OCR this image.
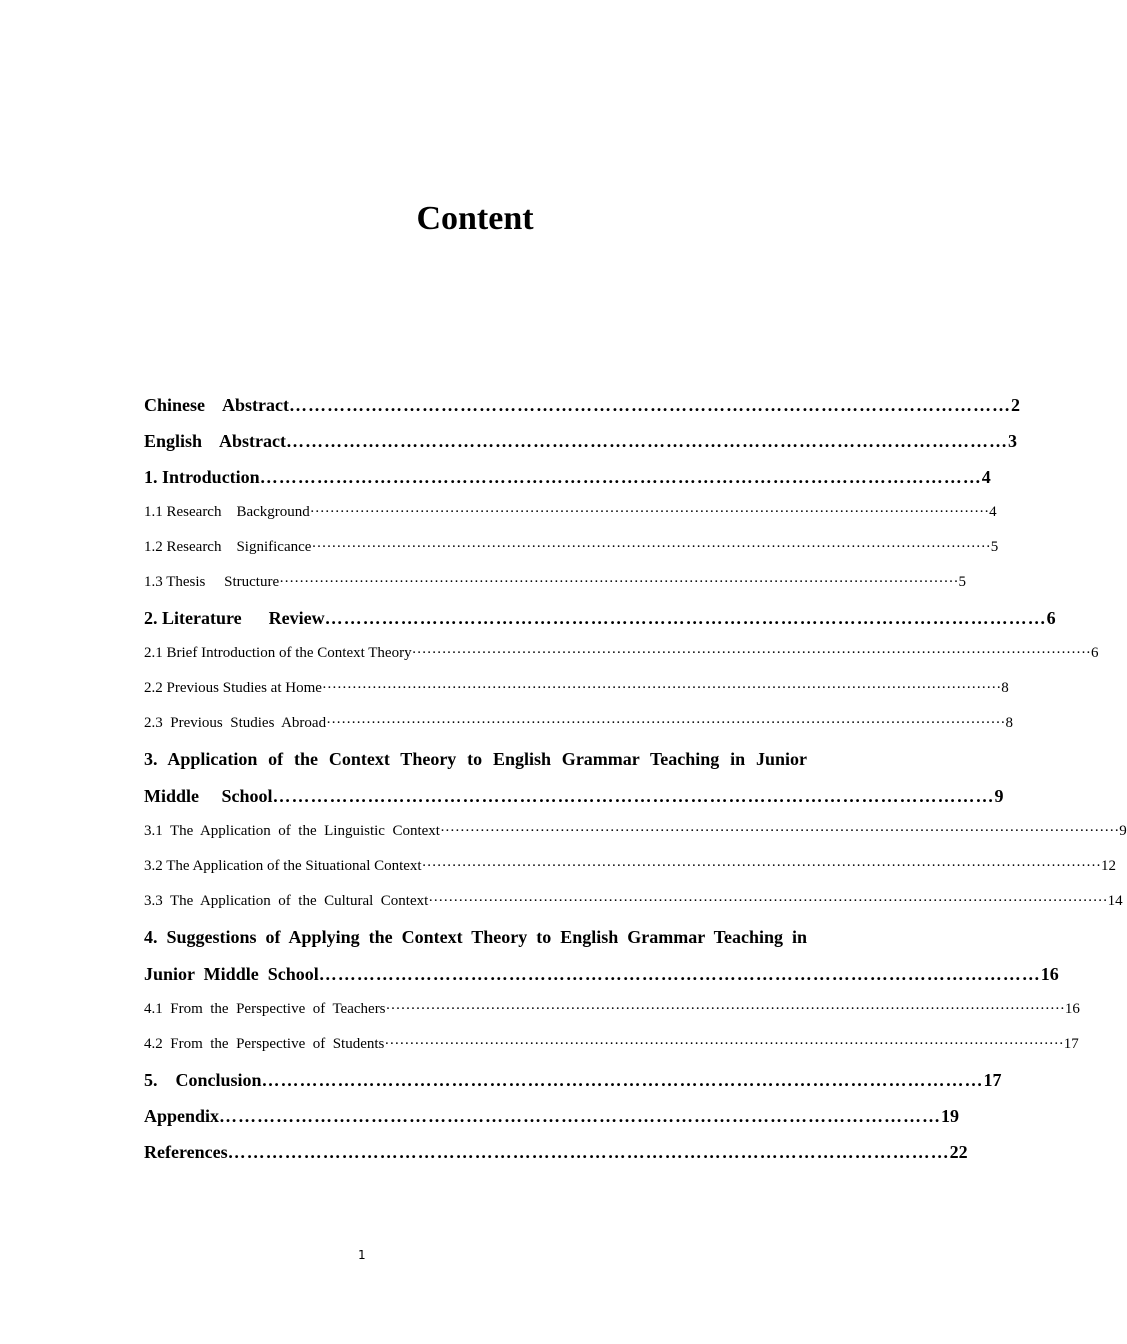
Content
Chinese    Abstract …………………………………………………………………………………………………… 2
English    Abstract …………………………………………………………………………………………………… 3
1. Introduction …………………………………………………………………………………………………… 4
1.1 Research    Background ········································································································································ 4
1.2 Research    Significance ········································································································································ 5
1.3 Thesis     Structure ········································································································································ 5
2. Literature      Review …………………………………………………………………………………………………… 6
2.1 Brief Introduction of the Context Theory ········································································································································ 6
2.2 Previous Studies at Home ········································································································································ 8
2.3  Previous  Studies  Abroad ········································································································································ 8
3. Application of the Context Theory to English Grammar Teaching in Junior
Middle     School …………………………………………………………………………………………………… 9
3.1  The  Application  of  the  Linguistic  Context ········································································································································ 9
3.2 The Application of the Situational Context ········································································································································ 12
3.3  The  Application  of  the  Cultural  Context ········································································································································ 14
4. Suggestions of Applying the Context Theory to English Grammar Teaching in
Junior  Middle  School …………………………………………………………………………………………………… 16
4.1  From  the  Perspective  of  Teachers ········································································································································ 16
4.2  From  the  Perspective  of  Students ········································································································································ 17
5.    Conclusion …………………………………………………………………………………………………… 17
Appendix …………………………………………………………………………………………………… 19
References …………………………………………………………………………………………………… 22
1
